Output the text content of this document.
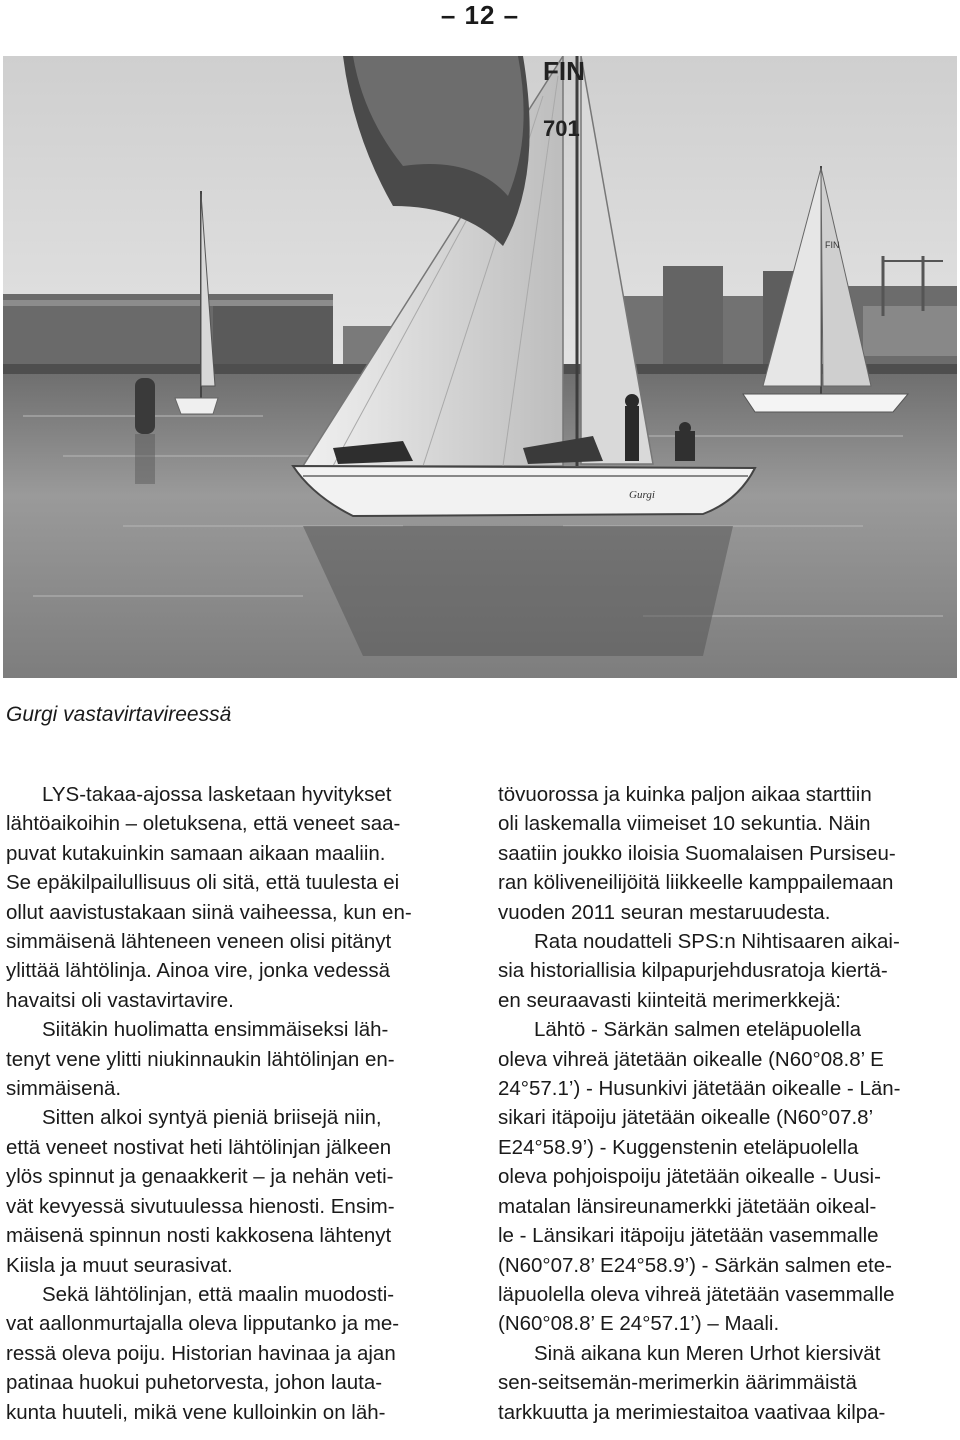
– 12 –
FIN
FIN
701
Gurgi
Gurgi vastavirtavireessä

LYS-takaa-ajossa lasketaan hyvitykset

lähtöaikoihin – oletuksena, että veneet saa-

puvat kutakuinkin samaan aikaan maaliin.

Se epäkilpailullisuus oli sitä, että tuulesta ei

ollut aavistustakaan siinä vaiheessa, kun en-

simmäisenä lähteneen veneen olisi pitänyt

ylittää lähtölinja. Ainoa vire, jonka vedessä

havaitsi oli vastavirtavire.

Siitäkin huolimatta ensimmäiseksi läh-

tenyt vene ylitti niukinnaukin lähtölinjan en-

simmäisenä.

Sitten alkoi syntyä pieniä briisejä niin,

että veneet nostivat heti lähtölinjan jälkeen

ylös spinnut ja genaakkerit – ja nehän veti-

vät kevyessä sivutuulessa hienosti. Ensim-

mäisenä spinnun nosti kakkosena lähtenyt

Kiisla ja muut seurasivat.

Sekä lähtölinjan, että maalin muodosti-

vat aallonmurtajalla oleva lipputanko ja me-

ressä oleva poiju. Historian havinaa ja ajan

patinaa huokui puhetorvesta, johon lauta-

kunta huuteli, mikä vene kulloinkin on läh-

tövuorossa ja kuinka paljon aikaa starttiin

oli laskemalla viimeiset 10 sekuntia. Näin

saatiin joukko iloisia Suomalaisen Pursiseu-

ran köliveneilijöitä liikkeelle kamppailemaan

vuoden 2011 seuran mestaruudesta.

Rata noudatteli SPS:n Nihtisaaren aikai-

sia historiallisia kilpapurjehdusratoja kiertä-

en seuraavasti kiinteitä merimerkkejä:

Lähtö - Särkän salmen eteläpuolella

oleva vihreä jätetään oikealle (N60°08.8’ E

24°57.1’) - Husunkivi jätetään oikealle - Län-

sikari itäpoiju jätetään oikealle (N60°07.8’

E24°58.9’) - Kuggenstenin eteläpuolella

oleva pohjoispoiju jätetään oikealle - Uusi-

matalan länsireunamerkki jätetään oikeal-

le - Länsikari itäpoiju jätetään vasemmalle

(N60°07.8’ E24°58.9’) - Särkän salmen ete-

läpuolella oleva vihreä jätetään vasemmalle

(N60°08.8’ E 24°57.1’) – Maali.

Sinä aikana kun Meren Urhot kiersivät

sen-seitsemän-merimerkin äärimmäistä

tarkkuutta ja merimiestaitoa vaativaa kilpa-
